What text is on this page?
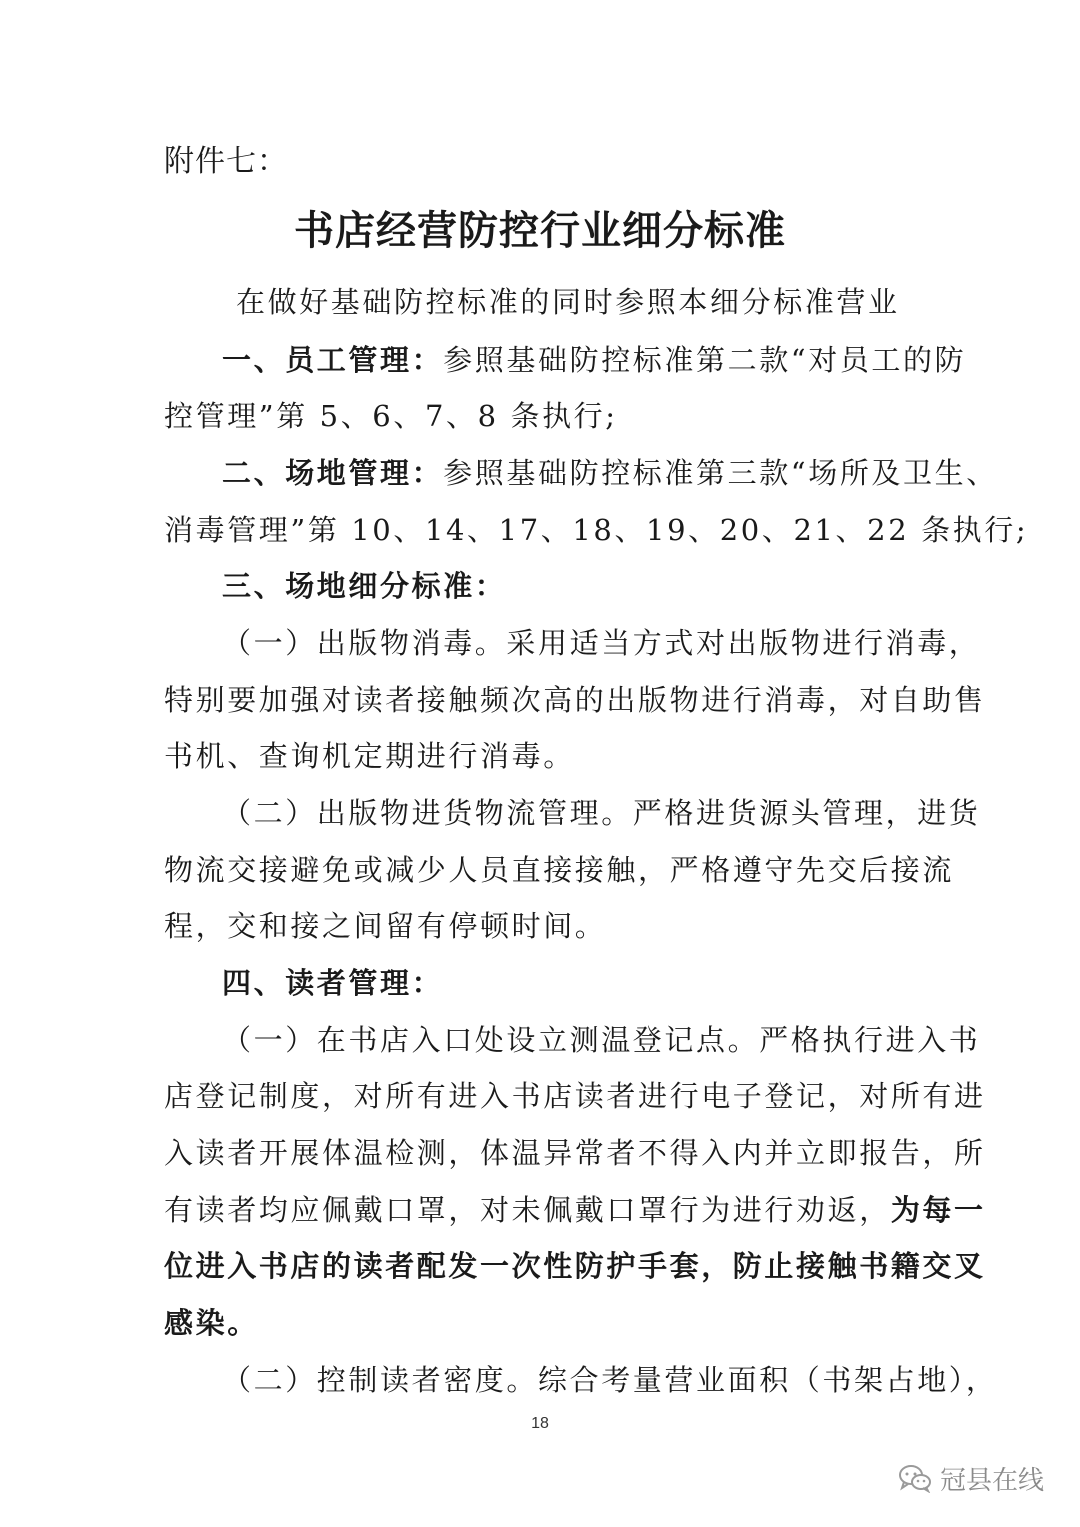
附件七：
书店经营防控行业细分标准
在做好基础防控标准的同时参照本细分标准营业
一、员工管理：参照基础防控标准第二款“对员工的防
控管理”第 5、6、7、8 条执行;
二、场地管理：参照基础防控标准第三款“场所及卫生、
消毒管理”第 10、14、17、18、19、20、21、22 条执行;
三、场地细分标准：
（一）出版物消毒。采用适当方式对出版物进行消毒，
特别要加强对读者接触频次高的出版物进行消毒，对自助售
书机、查询机定期进行消毒。
（二）出版物进货物流管理。严格进货源头管理，进货
物流交接避免或减少人员直接接触，严格遵守先交后接流
程，交和接之间留有停顿时间。
四、读者管理：
（一）在书店入口处设立测温登记点。严格执行进入书
店登记制度，对所有进入书店读者进行电子登记，对所有进
入读者开展体温检测，体温异常者不得入内并立即报告，所
有读者均应佩戴口罩，对未佩戴口罩行为进行劝返，为每一
位进入书店的读者配发一次性防护手套，防止接触书籍交叉
感染。
（二）控制读者密度。综合考量营业面积（书架占地），
18
冠县在线
